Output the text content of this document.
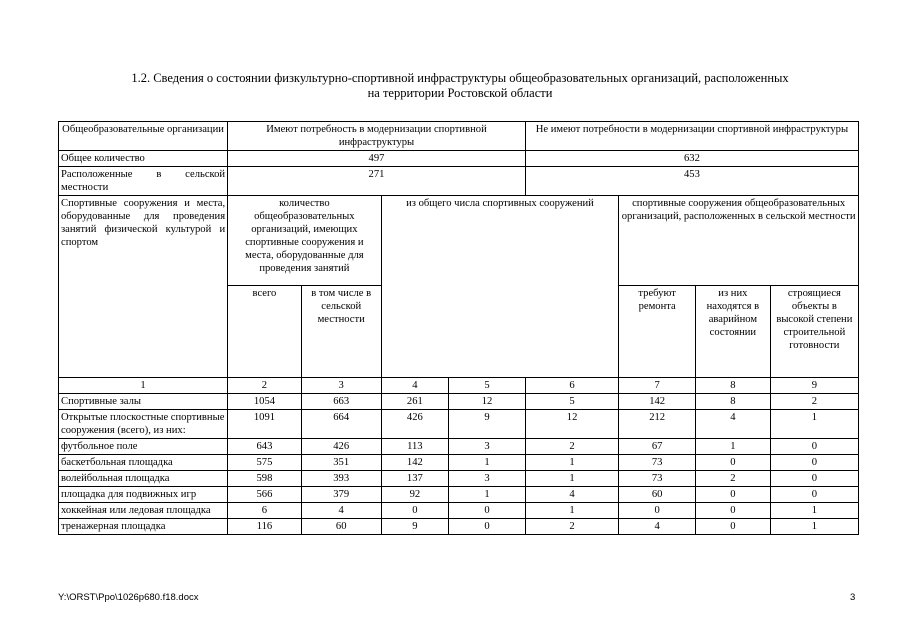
1.2. Сведения о состоянии физкультурно-спортивной инфраструктуры общеобразовательных организаций, расположенных
на территории Ростовской области
Общеобразовательные организации	Имеют потребность в модернизации спортивной инфраструктуры				Не имеют потребности в модернизации спортивной инфраструктуры			
Общее количество	497				632			
Расположенные в сельской местности	271				453			
Спортивные сооружения и места, оборудованные для проведения занятий физической культурой и спортом	количество общеобразовательных организаций, имеющих спортивные сооружения и места, оборудованные для проведения занятий		из общего числа спортивных сооружений			спортивные сооружения общеобразовательных организаций, расположенных в сельской местности		
	всего	в том числе в сельской местности				требуют ремонта	из них находятся в аварийном состоянии	строящиеся объекты в высокой степени строительной готовности
1	2	3	4	5	6	7	8	9
Спортивные залы	1054	663	261	12	5	142	8	2
Открытые плоскостные спортивные сооружения (всего), из них:	1091	664	426	9	12	212	4	1
футбольное поле	643	426	113	3	2	67	1	0
баскетбольная площадка	575	351	142	1	1	73	0	0
волейбольная площадка	598	393	137	3	1	73	2	0
площадка для подвижных игр	566	379	92	1	4	60	0	0
хоккейная или ледовая площадка	6	4	0	0	1	0	0	1
тренажерная площадка	116	60	9	0	2	4	0	1
Y:\ORST\Ppo\1026p680.f18.docx	3
